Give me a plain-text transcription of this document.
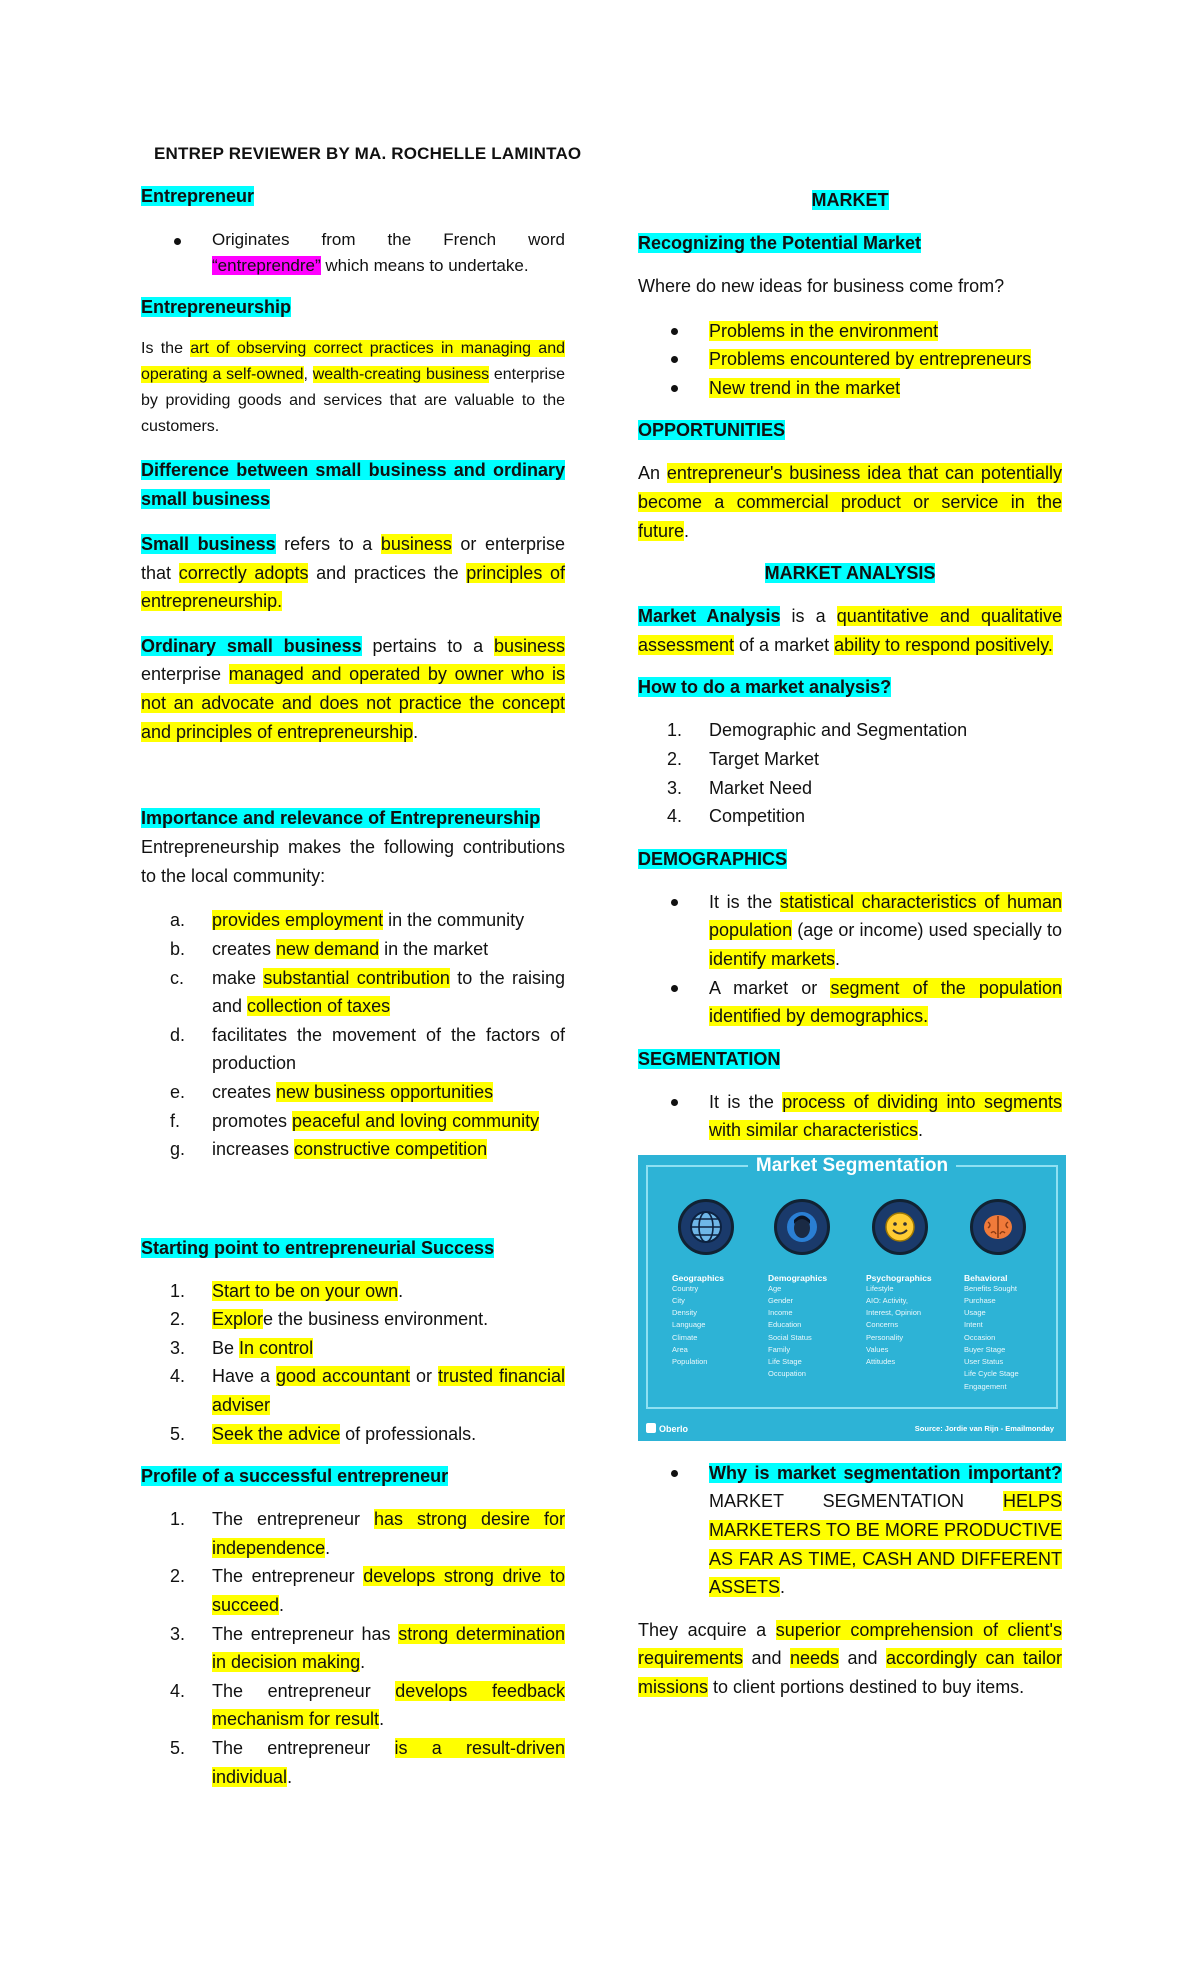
ENTREP REVIEWER BY MA. ROCHELLE LAMINTAO
Entrepreneur
Originates from the French word “entreprendre” which means to undertake.
Entrepreneurship
Is the art of observing correct practices in managing and operating a self-owned, wealth-creating business enterprise by providing goods and services that are valuable to the customers.
Difference between small business and ordinary small business
Small business refers to a business or enterprise that correctly adopts and practices the principles of entrepreneurship.
Ordinary small business pertains to a business enterprise managed and operated by owner who is not an advocate and does not practice the concept and principles of entrepreneurship.
Importance and relevance of Entrepreneurship
Entrepreneurship makes the following contributions to the local community:
a. provides employment in the community
b. creates new demand in the market
c. make substantial contribution to the raising and collection of taxes
d. facilitates the movement of the factors of production
e. creates new business opportunities
f. promotes peaceful and loving community
g. increases constructive competition
Starting point to entrepreneurial Success
1. Start to be on your own.
2. Explore the business environment.
3. Be In control
4. Have a good accountant or trusted financial adviser
5. Seek the advice of professionals.
Profile of a successful entrepreneur
1. The entrepreneur has strong desire for independence.
2. The entrepreneur develops strong drive to succeed.
3. The entrepreneur has strong determination in decision making.
4. The entrepreneur develops feedback mechanism for result.
5. The entrepreneur is a result-driven individual.
MARKET
Recognizing the Potential Market
Where do new ideas for business come from?
Problems in the environment
Problems encountered by entrepreneurs
New trend in the market
OPPORTUNITIES
An entrepreneur's business idea that can potentially become a commercial product or service in the future.
MARKET ANALYSIS
Market Analysis is a quantitative and qualitative assessment of a market ability to respond positively.
How to do a market analysis?
1. Demographic and Segmentation
2. Target Market
3. Market Need
4. Competition
DEMOGRAPHICS
It is the statistical characteristics of human population (age or income) used specially to identify markets.
A market or segment of the population identified by demographics.
SEGMENTATION
It is the process of dividing into segments with similar characteristics.
Market Segmentation
Geographics
Country
City
Density
Language
Climate
Area
Population
Demographics
Age
Gender
Income
Education
Social Status
Family
Life Stage
Occupation
Psychographics
Lifestyle
AIO: Activity,
Interest, Opinion
Concerns
Personality
Values
Attitudes
Behavioral
Benefits Sought
Purchase
Usage
Intent
Occasion
Buyer Stage
User Status
Life Cycle Stage
Engagement
Oberlo	Source: Jordie van Rijn - Emailmonday
Why is market segmentation important? MARKET SEGMENTATION HELPS MARKETERS TO BE MORE PRODUCTIVE AS FAR AS TIME, CASH AND DIFFERENT ASSETS.
They acquire a superior comprehension of client's requirements and needs and accordingly can tailor missions to client portions destined to buy items.
